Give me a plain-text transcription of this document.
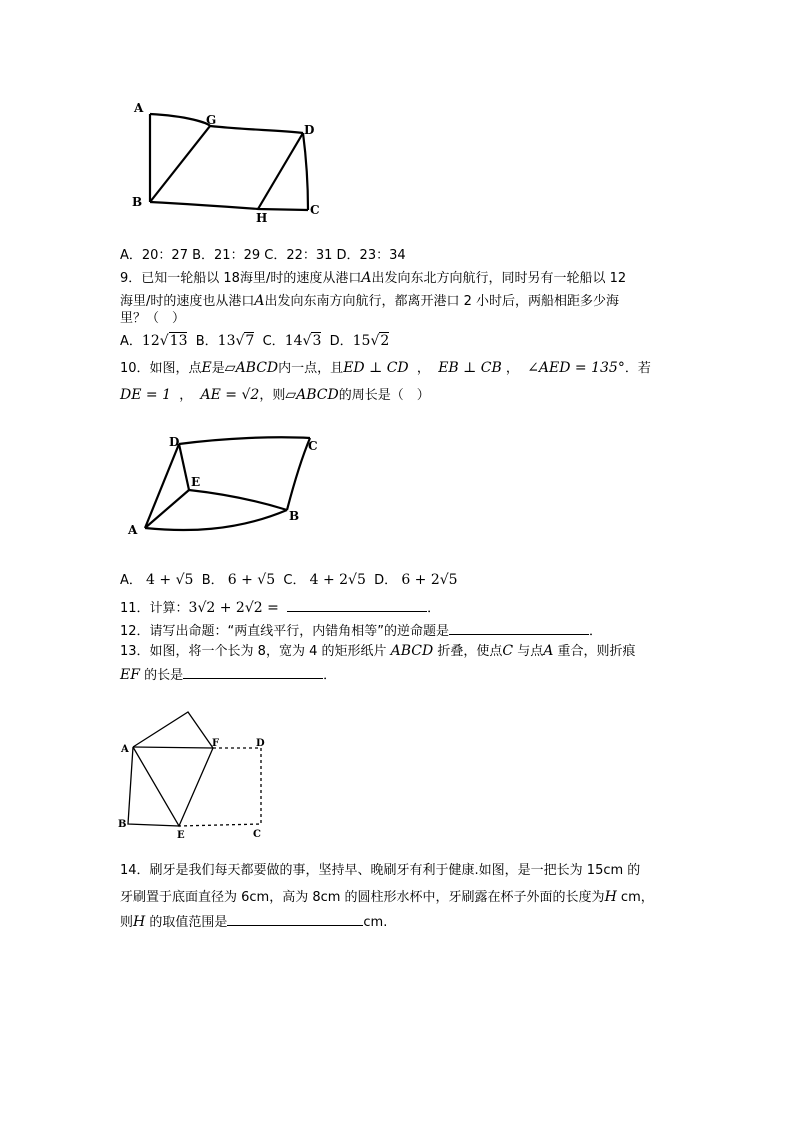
A
G
D
B
H
C
A．20：27 B．21：29 C．22：31 D．23：34
9．已知一轮船以 18海里/时的速度从港口A出发向东北方向航行，同时另有一轮船以 12
海里/时的速度也从港口A出发向东南方向航行，都离开港口 2 小时后，两船相距多少海
里？（　）
A．12√13 B．13√7 C．14√3 D．15√2
10．如图，点E是▱ABCD内一点，且ED ⊥ CD ， EB ⊥ CB ， ∠AED = 135°．若
DE = 1 ， AE = √2，则▱ABCD的周长是（　）
D	C
E
A
B
A． 4 + √5 B． 6 + √5 C． 4 + 2√5 D． 6 + 2√5
11．计算：3√2 + 2√2 =	．
12．请写出命题：“两直线平行，内错角相等”的逆命题是	．
13．如图，将一个长为 8，宽为 4 的矩形纸片 ABCD 折叠，使点C 与点A 重合，则折痕
EF 的长是	．
A
F	D
B
E	C
14．刷牙是我们每天都要做的事，坚持早、晚刷牙有利于健康.如图，是一把长为 15cm 的
牙刷置于底面直径为 6cm，高为 8cm 的圆柱形水杯中，牙刷露在杯子外面的长度为H cm，
则H 的取值范围是	cm.
